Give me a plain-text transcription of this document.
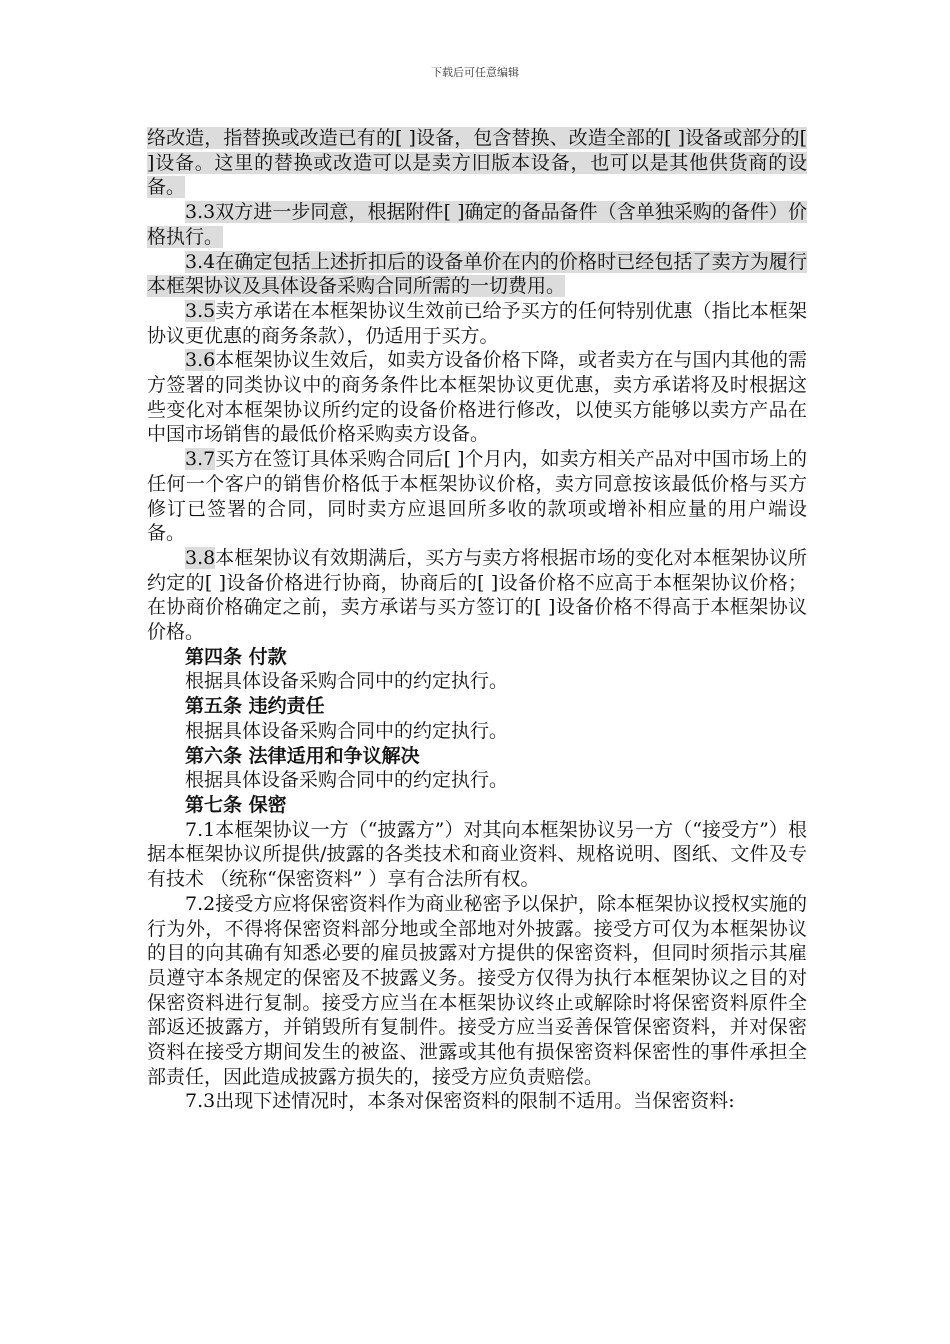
下载后可任意编辑

络改造，指替换或改造已有的[ ]设备，包含替换、改造全部的[ ]设备或部分的[ ]设备。这里的替换或改造可以是卖方旧版本设备，也可以是其他供货商的设备。

3.3双方进一步同意，根据附件[ ]确定的备品备件（含单独采购的备件）价格执行。

3.4在确定包括上述折扣后的设备单价在内的价格时已经包括了卖方为履行本框架协议及具体设备采购合同所需的一切费用。

3.5卖方承诺在本框架协议生效前已给予买方的任何特别优惠（指比本框架协议更优惠的商务条款），仍适用于买方。

3.6本框架协议生效后，如卖方设备价格下降，或者卖方在与国内其他的需方签署的同类协议中的商务条件比本框架协议更优惠，卖方承诺将及时根据这些变化对本框架协议所约定的设备价格进行修改，以使买方能够以卖方产品在中国市场销售的最低价格采购卖方设备。

3.7买方在签订具体采购合同后[ ]个月内，如卖方相关产品对中国市场上的任何一个客户的销售价格低于本框架协议价格，卖方同意按该最低价格与买方修订已签署的合同，同时卖方应退回所多收的款项或增补相应量的用户端设备。

3.8本框架协议有效期满后，买方与卖方将根据市场的变化对本框架协议所约定的[ ]设备价格进行协商，协商后的[ ]设备价格不应高于本框架协议价格；在协商价格确定之前，卖方承诺与买方签订的[ ]设备价格不得高于本框架协议价格。

第四条 付款

根据具体设备采购合同中的约定执行。

第五条 违约责任

根据具体设备采购合同中的约定执行。

第六条 法律适用和争议解决

根据具体设备采购合同中的约定执行。

第七条 保密

7.1本框架协议一方（“披露方”）对其向本框架协议另一方（“接受方”）根据本框架协议所提供/披露的各类技术和商业资料、规格说明、图纸、文件及专有技术 （统称“保密资料” ）享有合法所有权。

7.2接受方应将保密资料作为商业秘密予以保护，除本框架协议授权实施的行为外，不得将保密资料部分地或全部地对外披露。接受方可仅为本框架协议的目的向其确有知悉必要的雇员披露对方提供的保密资料，但同时须指示其雇员遵守本条规定的保密及不披露义务。接受方仅得为执行本框架协议之目的对保密资料进行复制。接受方应当在本框架协议终止或解除时将保密资料原件全部返还披露方，并销毁所有复制件。接受方应当妥善保管保密资料，并对保密资料在接受方期间发生的被盗、泄露或其他有损保密资料保密性的事件承担全部责任，因此造成披露方损失的，接受方应负责赔偿。

7.3出现下述情况时，本条对保密资料的限制不适用。当保密资料:
